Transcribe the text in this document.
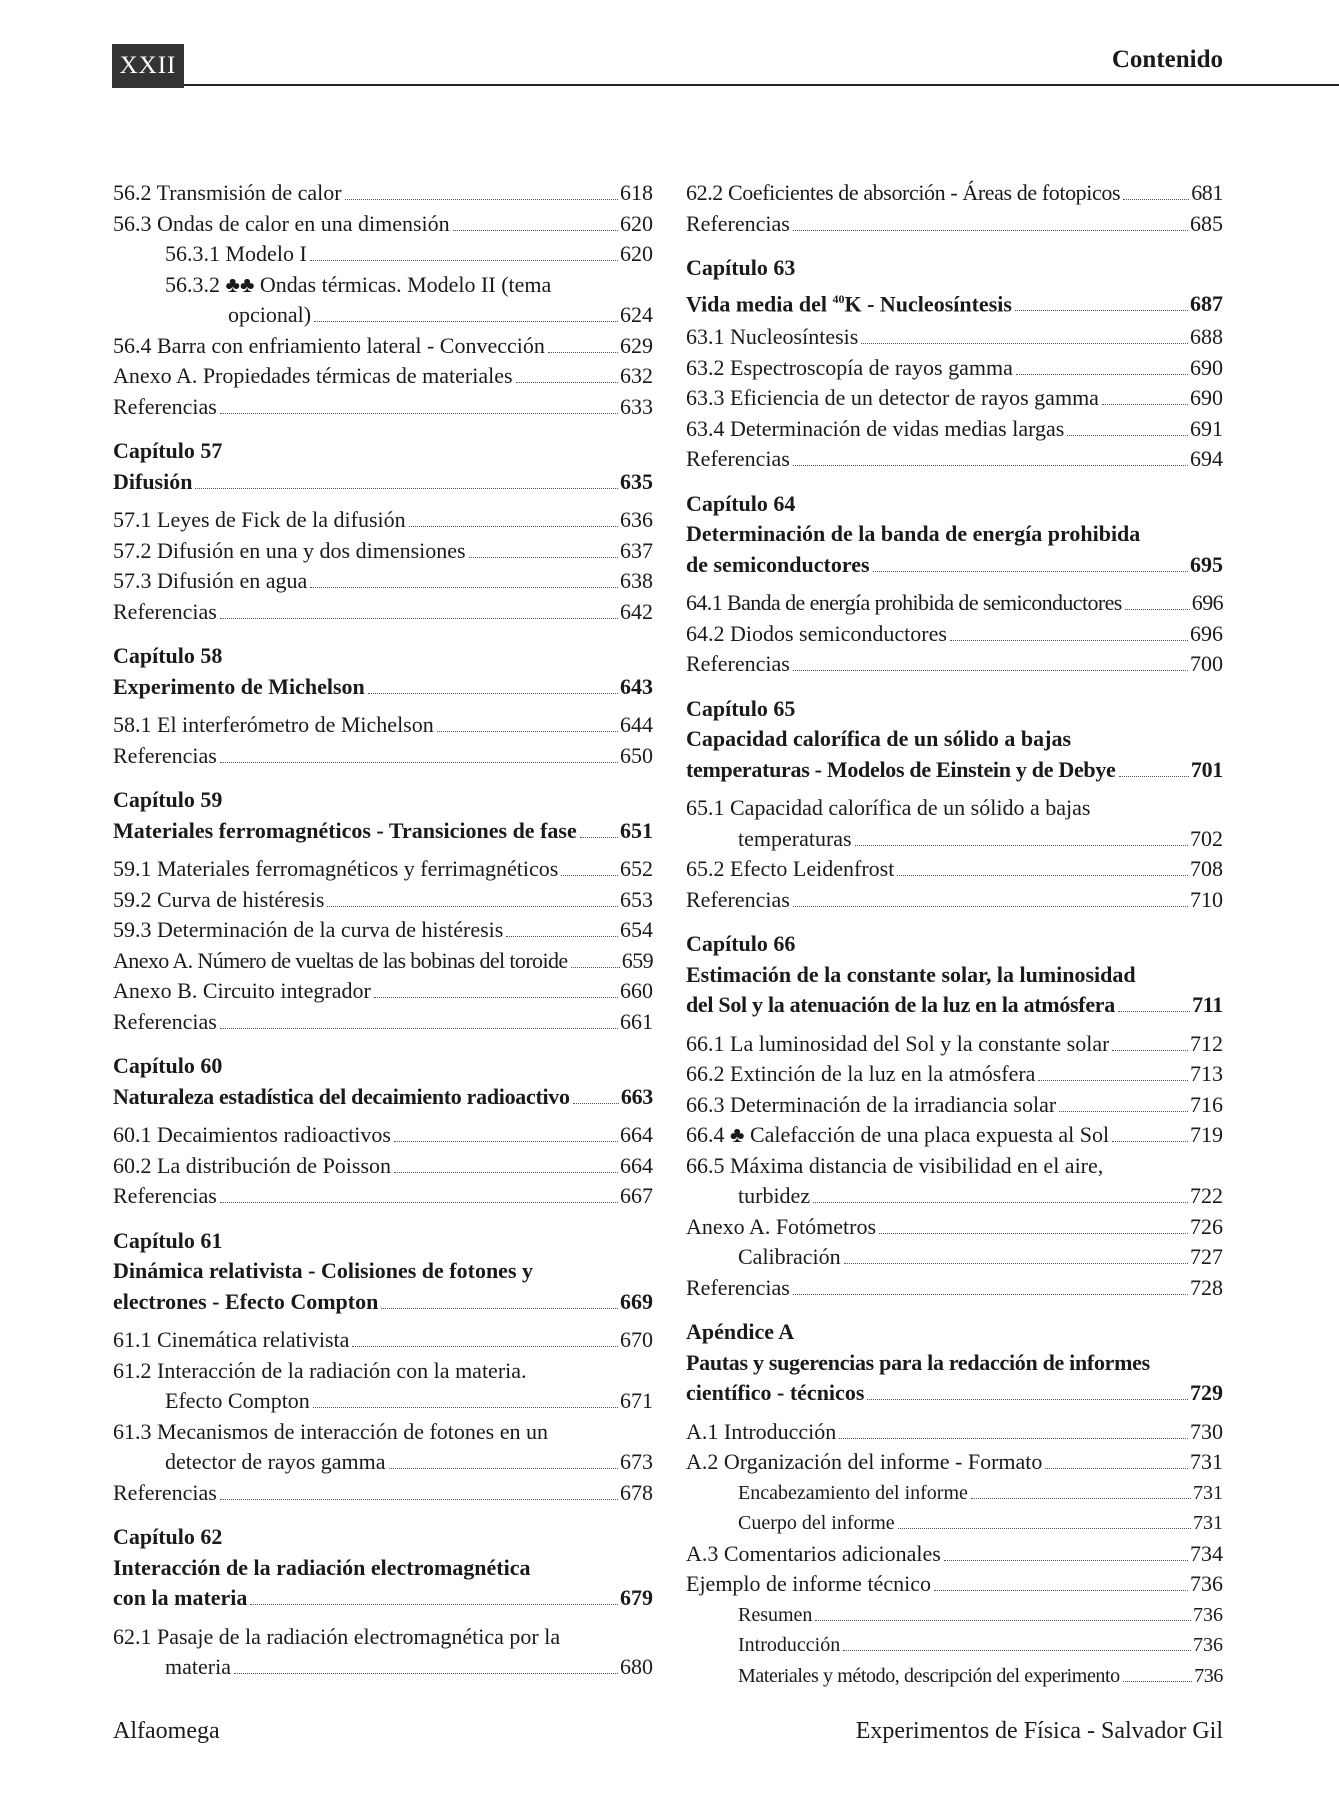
XXII	Contenido
56.2 Transmisión de calor	618
56.3 Ondas de calor en una dimensión	620
56.3.1 Modelo I	620
56.3.2 ♣♣ Ondas térmicas. Modelo II (tema
opcional)	624
56.4 Barra con enfriamiento lateral - Convección	629
Anexo A. Propiedades térmicas de materiales	632
Referencias	633
Capítulo 57
Difusión	635
57.1 Leyes de Fick de la difusión	636
57.2 Difusión en una y dos dimensiones	637
57.3 Difusión en agua	638
Referencias	642
Capítulo 58
Experimento de Michelson	643
58.1 El interferómetro de Michelson	644
Referencias	650
Capítulo 59
Materiales ferromagnéticos - Transiciones de fase 651
59.1 Materiales ferromagnéticos y ferrimagnéticos	652
59.2 Curva de histéresis	653
59.3 Determinación de la curva de histéresis	654
Anexo A. Número de vueltas de las bobinas del toroide 659
Anexo B. Circuito integrador	660
Referencias	661
Capítulo 60
Naturaleza estadística del decaimiento radioactivo 663
60.1 Decaimientos radioactivos	664
60.2 La distribución de Poisson	664
Referencias	667
Capítulo 61
Dinámica relativista - Colisiones de fotones y
electrones - Efecto Compton	669
61.1 Cinemática relativista	670
61.2 Interacción de la radiación con la materia.
Efecto Compton	671
61.3 Mecanismos de interacción de fotones en un
detector de rayos gamma	673
Referencias	678
Capítulo 62
Interacción de la radiación electromagnética
con la materia	679
62.1 Pasaje de la radiación electromagnética por la
materia	680
62.2 Coeficientes de absorción - Áreas de fotopicos	681
Referencias	685
Capítulo 63
Vida media del $^{40}$K - Nucleosíntesis	687
63.1 Nucleosíntesis	688
63.2 Espectroscopía de rayos gamma	690
63.3 Eficiencia de un detector de rayos gamma	690
63.4 Determinación de vidas medias largas	691
Referencias	694
Capítulo 64
Determinación de la banda de energía prohibida
de semiconductores	695
64.1 Banda de energía prohibida de semiconductores	696
64.2 Diodos semiconductores	696
Referencias	700
Capítulo 65
Capacidad calorífica de un sólido a bajas
temperaturas - Modelos de Einstein y de Debye	701
65.1 Capacidad calorífica de un sólido a bajas
temperaturas	702
65.2 Efecto Leidenfrost	708
Referencias	710
Capítulo 66
Estimación de la constante solar, la luminosidad
del Sol y la atenuación de la luz en la atmósfera	711
66.1 La luminosidad del Sol y la constante solar	712
66.2 Extinción de la luz en la atmósfera	713
66.3 Determinación de la irradiancia solar	716
66.4 ♣ Calefacción de una placa expuesta al Sol	719
66.5 Máxima distancia de visibilidad en el aire,
turbidez	722
Anexo A. Fotómetros	726
Calibración	727
Referencias	728
Apéndice A
Pautas y sugerencias para la redacción de informes
científico - técnicos	729
A.1 Introducción	730
A.2 Organización del informe - Formato	731
Encabezamiento del informe	731
Cuerpo del informe	731
A.3 Comentarios adicionales	734
Ejemplo de informe técnico	736
Resumen	736
Introducción	736
Materiales y método, descripción del experimento	736
Alfaomega	Experimentos de Física - Salvador Gil
